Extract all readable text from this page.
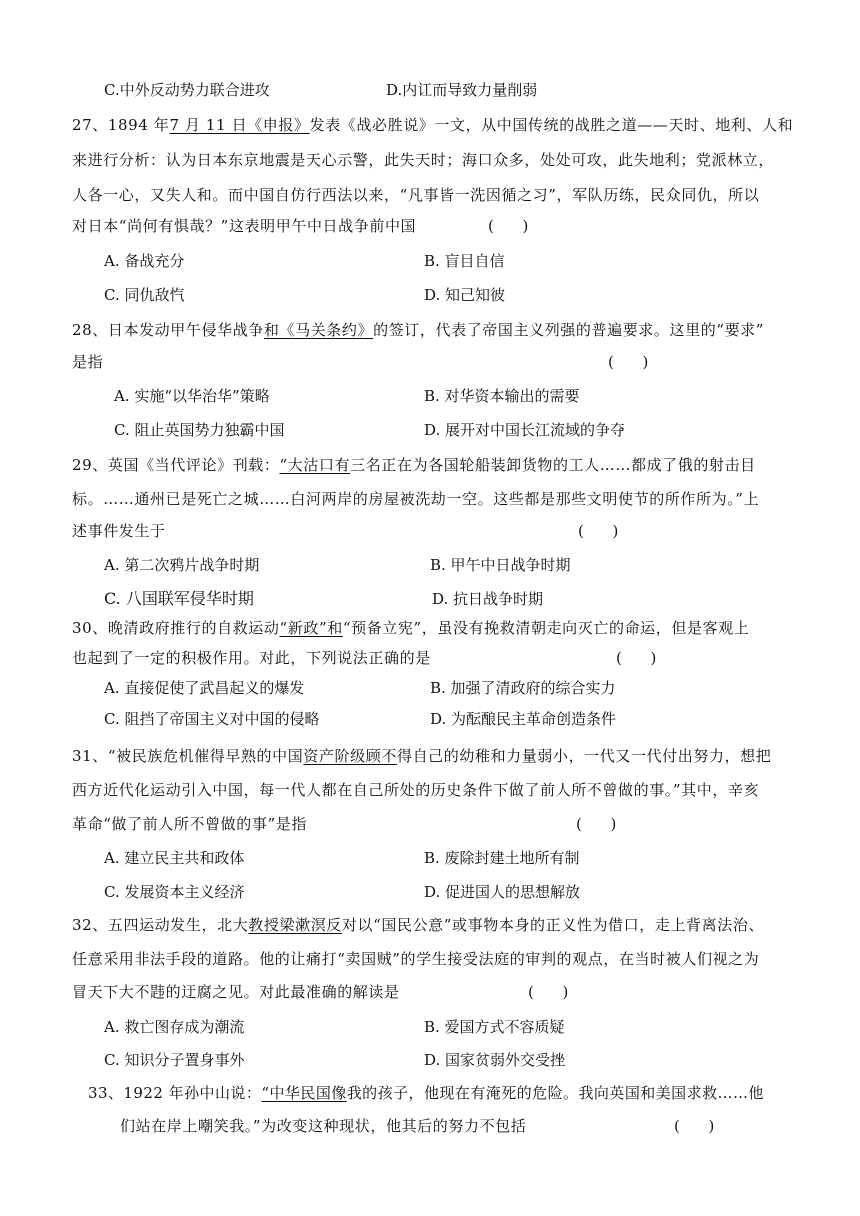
C.中外反动势力联合进攻	D.内讧而导致力量削弱
27、1894 年7 月 11 日《申报》发表《战必胜说》一文，从中国传统的战胜之道——天时、地利、人和
来进行分析：认为日本东京地震是天心示警，此失天时；海口众多，处处可攻，此失地利；党派林立，
人各一心，又失人和。而中国自仿行西法以来，“凡事皆一洗因循之习”，军队历练，民众同仇，所以
对日本“尚何有惧哉？”这表明甲午中日战争前中国	(      )
A. 备战充分	B. 盲目自信
C. 同仇敌忾	D. 知己知彼
28、日本发动甲午侵华战争和《马关条约》的签订，代表了帝国主义列强的普遍要求。这里的“要求”
是指	(      )
A. 实施“以华治华”策略	B. 对华资本输出的需要
C. 阻止英国势力独霸中国	D. 展开对中国长江流域的争夺
29、英国《当代评论》刊载：“大沽口有三名正在为各国轮船装卸货物的工人……都成了俄的射击目
标。……通州已是死亡之城……白河两岸的房屋被洗劫一空。这些都是那些文明使节的所作所为。”上
述事件发生于	(      )
A. 第二次鸦片战争时期	B. 甲午中日战争时期
C. 八国联军侵华时期	D. 抗日战争时期
30、晚清政府推行的自救运动“新政”和“预备立宪”，虽没有挽救清朝走向灭亡的命运，但是客观上
也起到了一定的积极作用。对此，下列说法正确的是	(      )
A. 直接促使了武昌起义的爆发	B. 加强了清政府的综合实力
C. 阻挡了帝国主义对中国的侵略	D. 为酝酿民主革命创造条件
31、“被民族危机催得早熟的中国资产阶级顾不得自己的幼稚和力量弱小，一代又一代付出努力，想把
西方近代化运动引入中国，每一代人都在自己所处的历史条件下做了前人所不曾做的事。”其中，辛亥
革命“做了前人所不曾做的事”是指	(      )
A. 建立民主共和政体	B. 废除封建土地所有制
C. 发展资本主义经济	D. 促进国人的思想解放
32、五四运动发生，北大教授梁漱溟反对以“国民公意”或事物本身的正义性为借口，走上背离法治、
任意采用非法手段的道路。他的让痛打“卖国贼”的学生接受法庭的审判的观点，在当时被人们视之为
冒天下大不韪的迂腐之见。对此最准确的解读是	(      )
A. 救亡图存成为潮流	B. 爱国方式不容质疑
C. 知识分子置身事外	D. 国家贫弱外交受挫
33、1922 年孙中山说：“中华民国像我的孩子，他现在有淹死的危险。我向英国和美国求救……他
们站在岸上嘲笑我。”为改变这种现状，他其后的努力不包括	(      )
